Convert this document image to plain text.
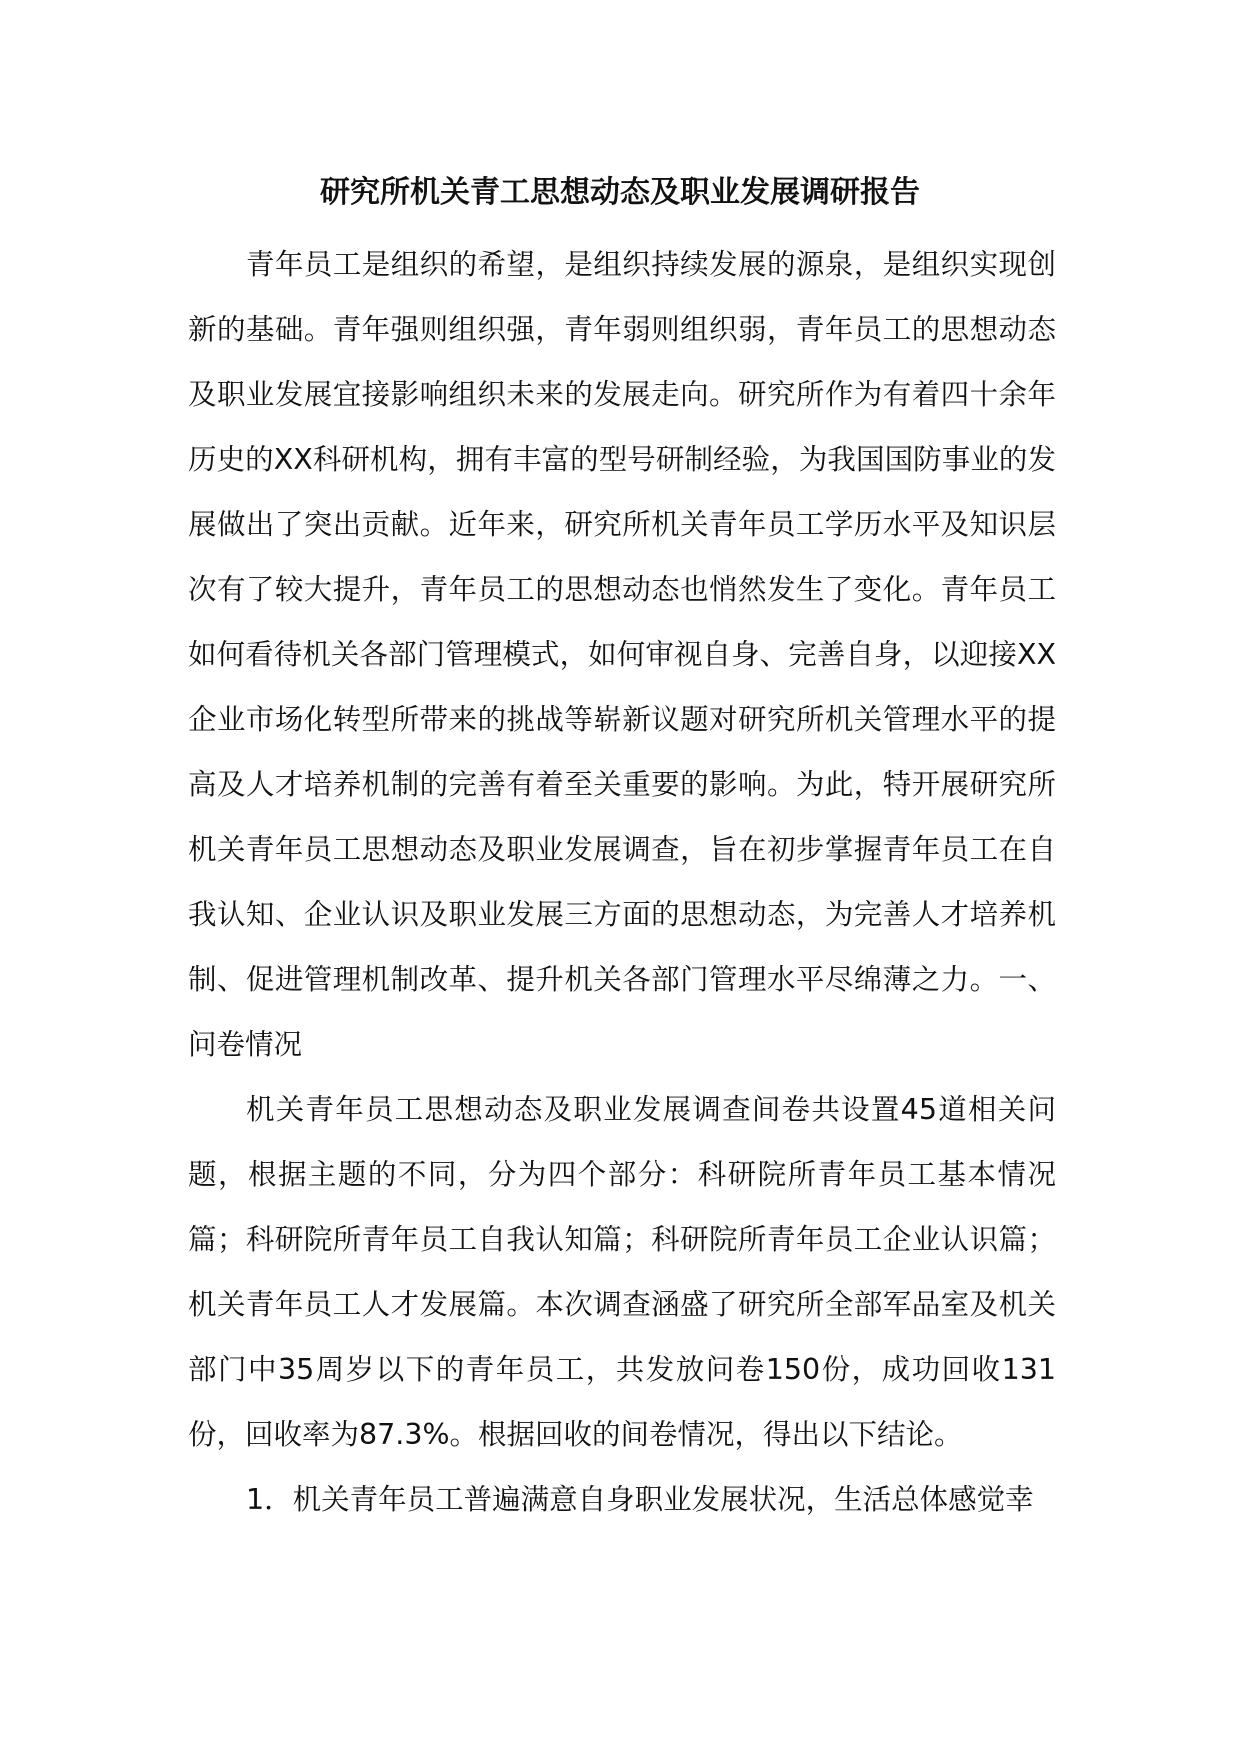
研究所机关青工思想动态及职业发展调研报告

青年员工是组织的希望，是组织持续发展的源泉，是组织实现创新的基础。青年强则组织强，青年弱则组织弱，青年员工的思想动态及职业发展宜接影响组织未来的发展走向。研究所作为有着四十余年历史的XX科研机构，拥有丰富的型号研制经验，为我国国防事业的发展做出了突出贡献。近年来，研究所机关青年员工学历水平及知识层次有了较大提升，青年员工的思想动态也悄然发生了变化。青年员工如何看待机关各部门管理模式，如何审视自身、完善自身，以迎接XX企业市场化转型所带来的挑战等崭新议题对研究所机关管理水平的提高及人才培养机制的完善有着至关重要的影响。为此，特开展研究所机关青年员工思想动态及职业发展调查，旨在初步掌握青年员工在自我认知、企业认识及职业发展三方面的思想动态，为完善人才培养机制、促进管理机制改革、提升机关各部门管理水平尽绵薄之力。一、问卷情况

机关青年员工思想动态及职业发展调查间卷共设置45道相关问题，根据主题的不同，分为四个部分：科研院所青年员工基本情况篇；科研院所青年员工自我认知篇；科研院所青年员工企业认识篇；机关青年员工人才发展篇。本次调查涵盛了研究所全部军品室及机关部门中35周岁以下的青年员工，共发放问卷150份，成功回收131份，回收率为87.3%。根据回收的间卷情况，得出以下结论。

1．机关青年员工普遍满意自身职业发展状况，生活总体感觉幸
